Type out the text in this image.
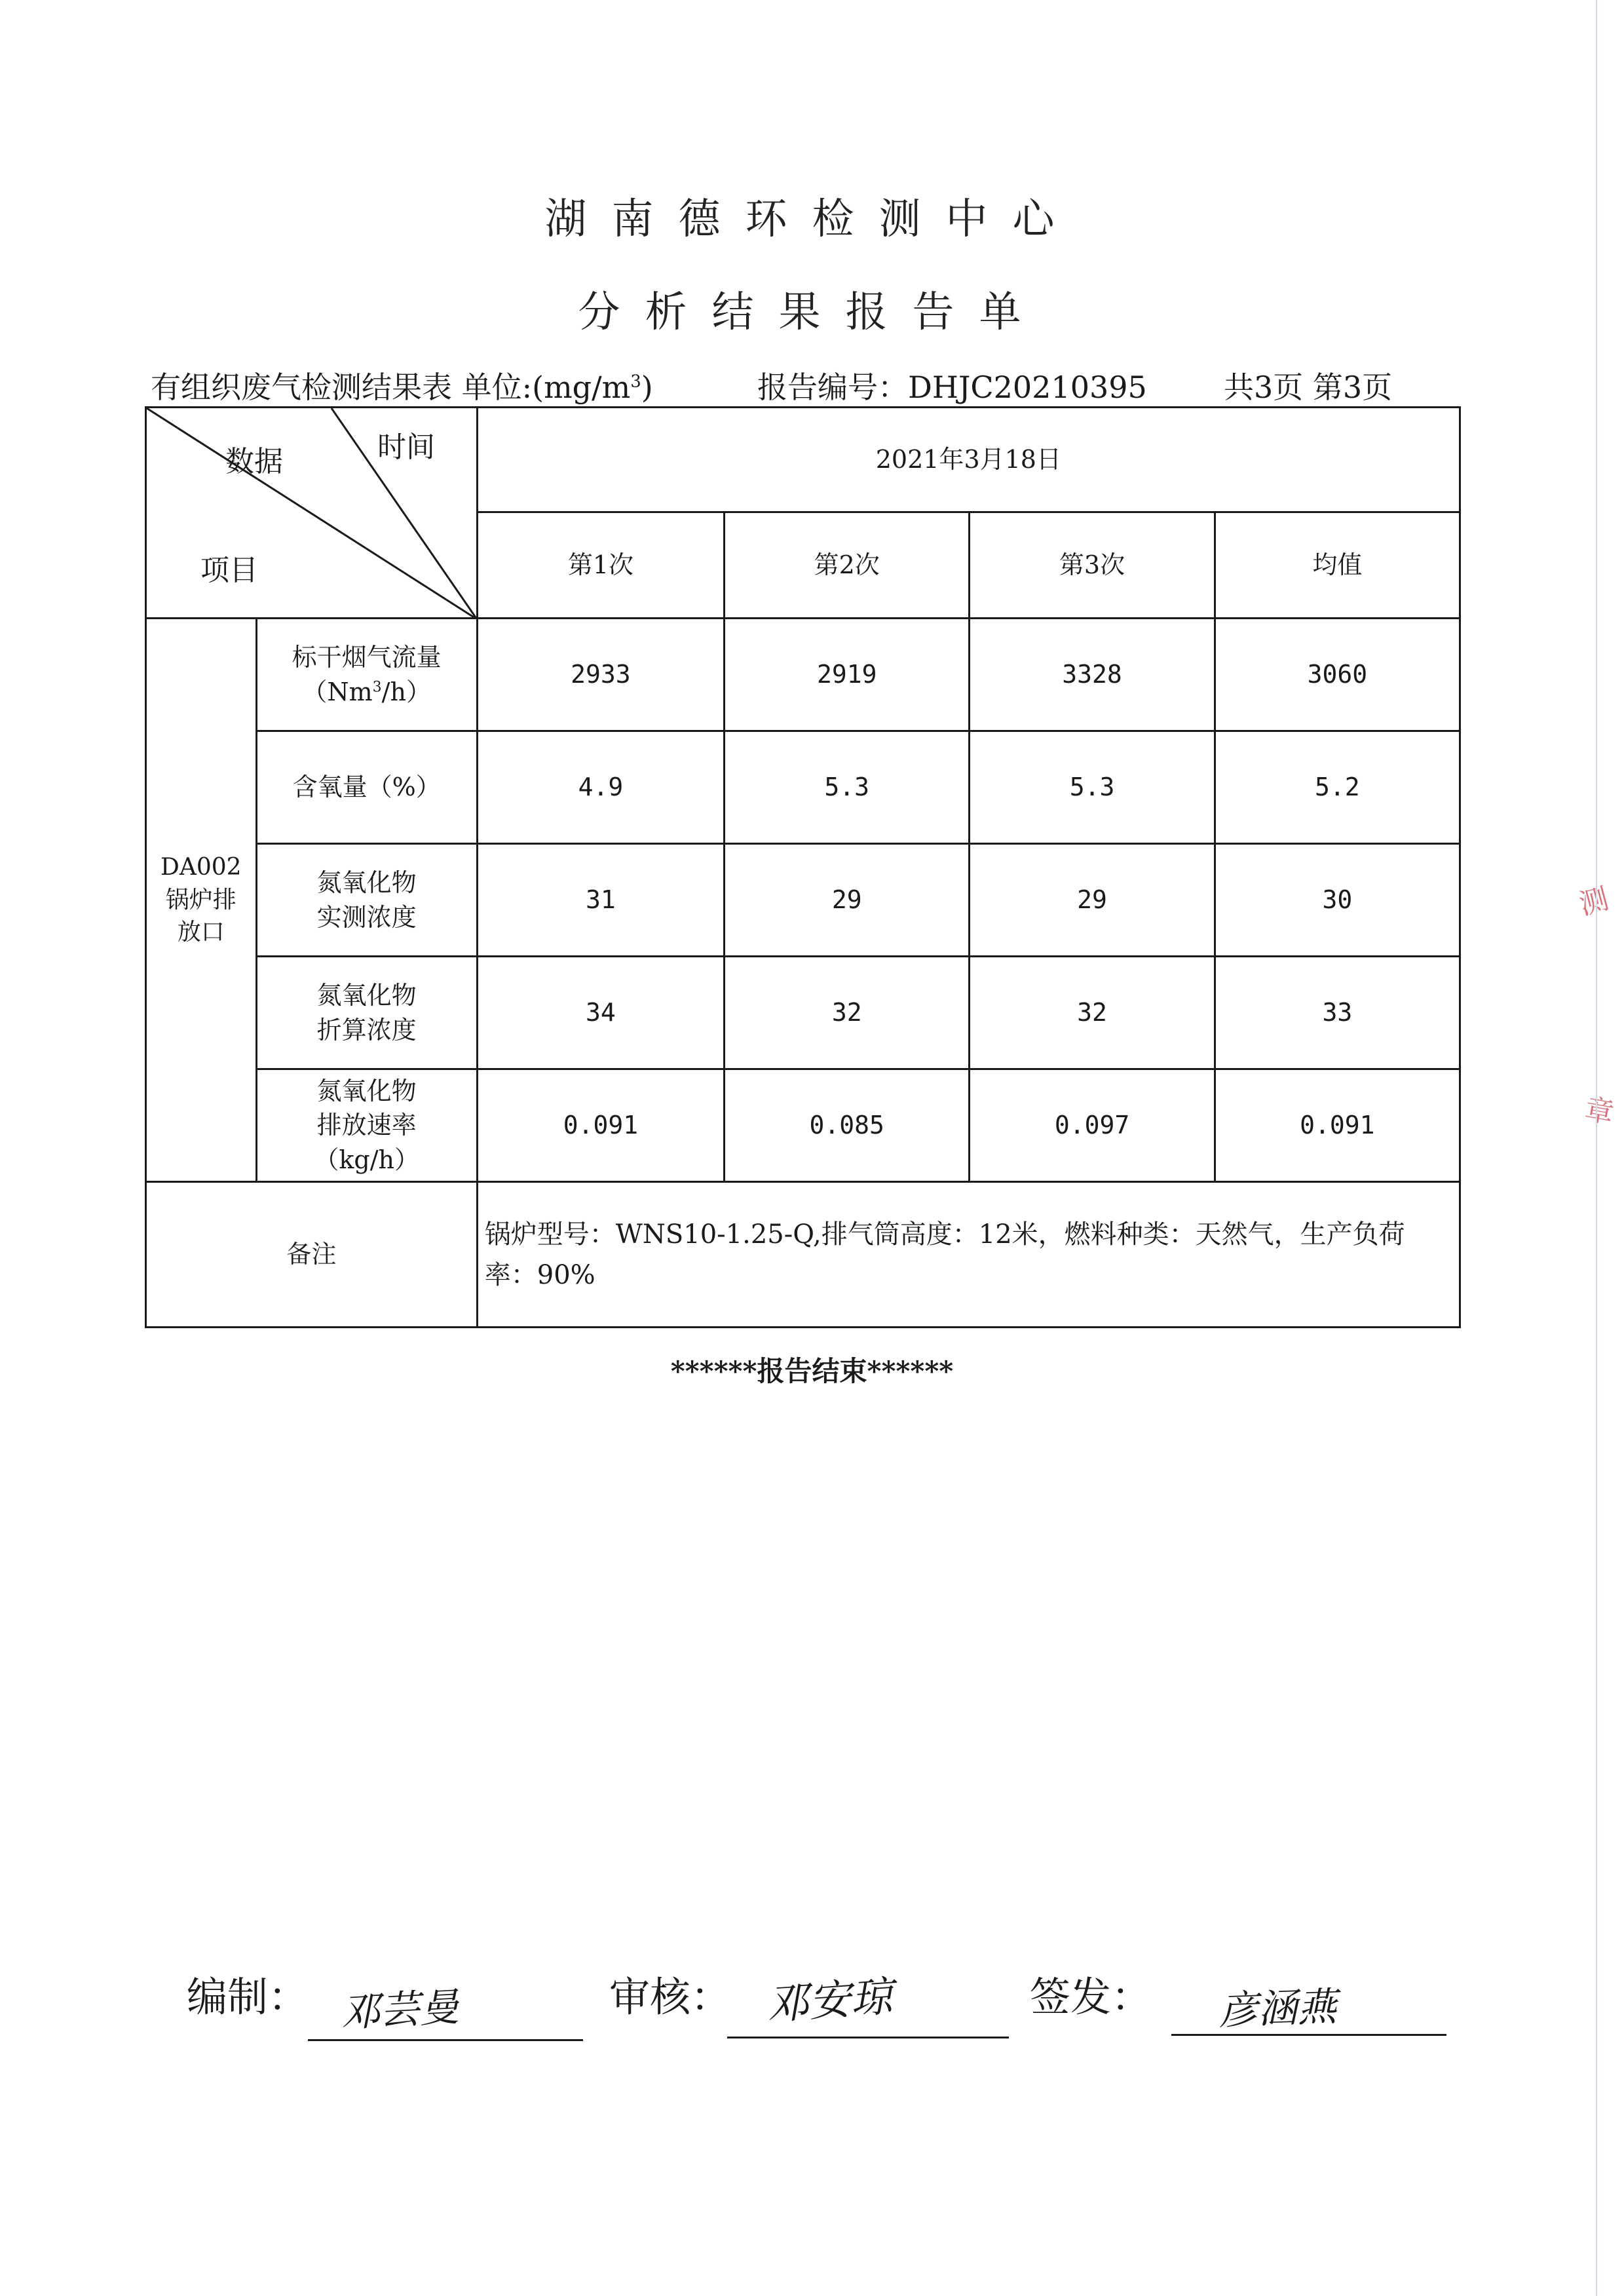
湖南德环检测中心
分析结果报告单
有组织废气检测结果表 单位$:(mg/m^3)$	报告编号：DHJC20210395	共3页 第3页
数据 时间
项目		2021年3月18日			
		第1次	第2次	第3次	均值

DA002锅炉排放口	标干烟气流量
（Nm$^3$/h）	2933	2919	3328	3060

	含氧量（%）	4.9	5.3	5.3	5.2

	氮氧化物
实测浓度	31	29	29	30

	氮氧化物
折算浓度	34	32	32	33

	氮氧化物
排放速率
（kg/h）	0.091	0.085	0.097	0.091
备注		锅炉型号：WNS10-1.25-Q,排气筒高度：12米，燃料种类：天然气，生产负荷率：90%			
******报告结束******
编制： 邓芸曼	审核： 邓安琼	签发： 彦涵燕
测
章
